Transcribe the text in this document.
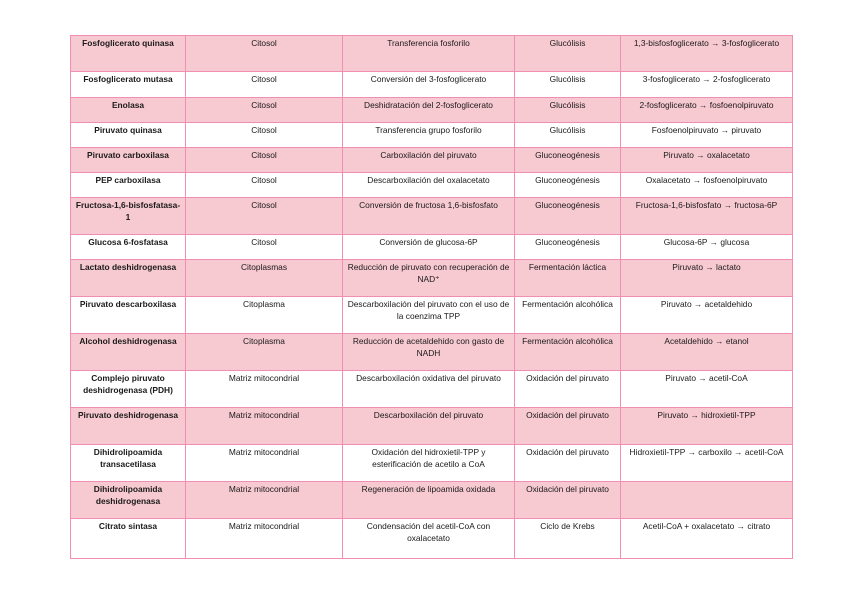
Fosfoglicerato quinasa	Citosol	Transferencia fosforilo	Glucólisis	1,3-bisfosfoglicerato → 3-fosfoglicerato
Fosfoglicerato mutasa	Citosol	Conversión del 3-fosfoglicerato	Glucólisis	3-fosfoglicerato → 2-fosfoglicerato
Enolasa	Citosol	Deshidratación del 2-fosfoglicerato	Glucólisis	2-fosfoglicerato → fosfoenolpiruvato
Piruvato quinasa	Citosol	Transferencia grupo fosforilo	Glucólisis	Fosfoenolpiruvato → piruvato
Piruvato carboxilasa	Citosol	Carboxilación del piruvato	Gluconeogénesis	Piruvato → oxalacetato
PEP carboxilasa	Citosol	Descarboxilación del oxalacetato	Gluconeogénesis	Oxalacetato → fosfoenolpiruvato
Fructosa-1,6-bisfosfatasa-1	Citosol	Conversión de fructosa 1,6-bisfosfato	Gluconeogénesis	Fructosa-1,6-bisfosfato → fructosa-6P
Glucosa 6-fosfatasa	Citosol	Conversión de glucosa-6P	Gluconeogénesis	Glucosa-6P → glucosa
Lactato deshidrogenasa	Citoplasmas	Reducción de piruvato con recuperación de NAD⁺	Fermentación láctica	Piruvato → lactato
Piruvato descarboxilasa	Citoplasma	Descarboxilación del piruvato con el uso de la coenzima TPP	Fermentación alcohólica	Piruvato → acetaldehido
Alcohol deshidrogenasa	Citoplasma	Reducción de acetaldehido con gasto de NADH	Fermentación alcohólica	Acetaldehido → etanol
Complejo piruvato deshidrogenasa (PDH)	Matriz mitocondrial	Descarboxilación oxidativa del piruvato	Oxidación del piruvato	Piruvato → acetil-CoA
Piruvato deshidrogenasa	Matriz mitocondrial	Descarboxilación del piruvato	Oxidación del piruvato	Piruvato → hidroxietil-TPP
Dihidrolipoamida transacetilasa	Matriz mitocondrial	Oxidación del hidroxietil-TPP y esterificación de acetilo a CoA	Oxidación del piruvato	Hidroxietil-TPP → carboxilo → acetil-CoA
Dihidrolipoamida deshidrogenasa	Matriz mitocondrial	Regeneración de lipoamida oxidada	Oxidación del piruvato	
Citrato sintasa	Matriz mitocondrial	Condensación del acetil-CoA con oxalacetato	Ciclo de Krebs	Acetil-CoA + oxalacetato → citrato
